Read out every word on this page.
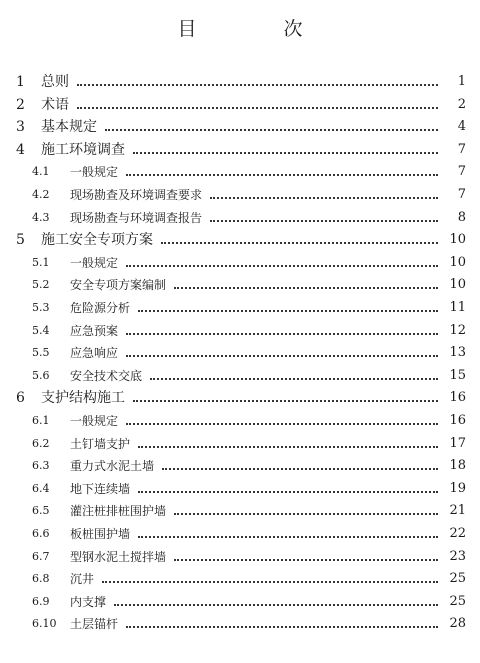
目　次
1 总则	1
2 术语	2
3 基本规定	4
4 施工环境调查	7
4.1 一般规定	7
4.2 现场勘查及环境调查要求	7
4.3 现场勘查与环境调查报告	8
5 施工安全专项方案	10
5.1 一般规定	10
5.2 安全专项方案编制	10
5.3 危险源分析	11
5.4 应急预案	12
5.5 应急响应	13
5.6 安全技术交底	15
6 支护结构施工	16
6.1 一般规定	16
6.2 土钉墙支护	17
6.3 重力式水泥土墙	18
6.4 地下连续墙	19
6.5 灌注桩排桩围护墙	21
6.6 板桩围护墙	22
6.7 型钢水泥土搅拌墙	23
6.8 沉井	25
6.9 内支撑	25
6.10 土层锚杆	28
